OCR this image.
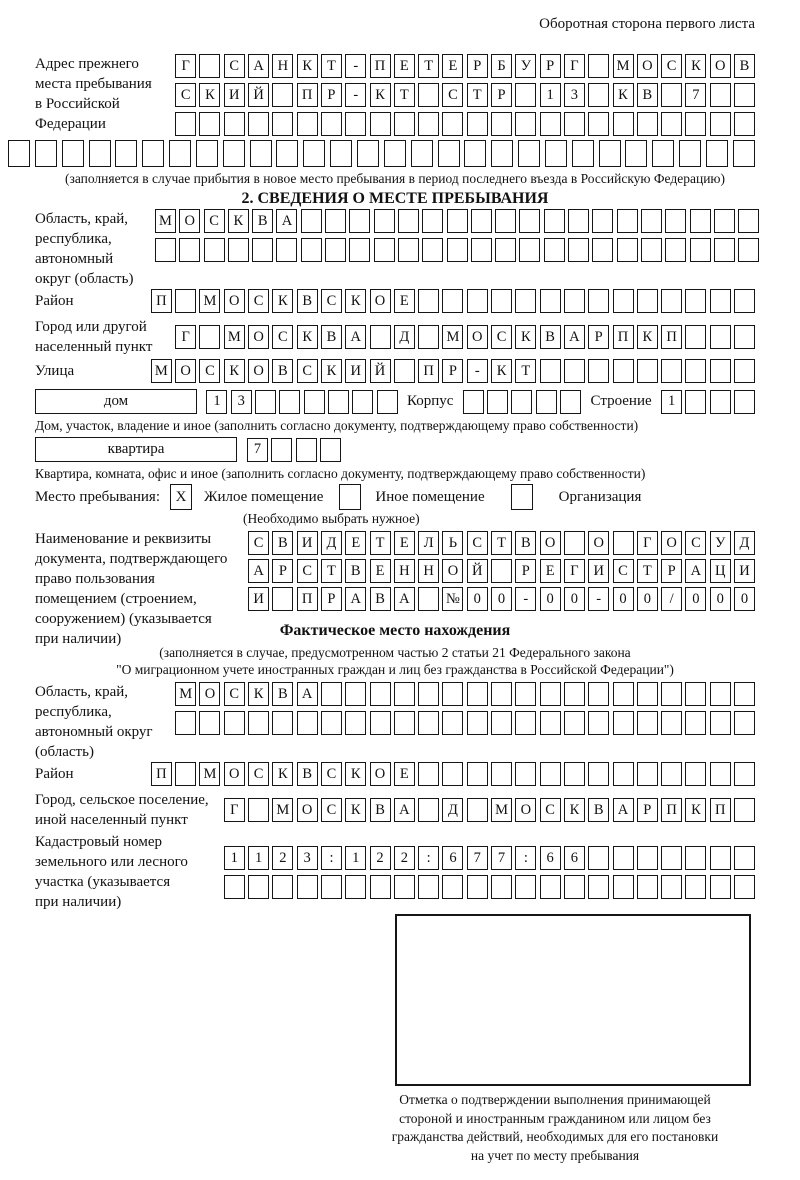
Оборотная сторона первого листа
Адрес прежнего
места пребывания
в Российской
Федерации
Г	С А Н К	Т	-	П	Е	Т	Е	Р	Б	У	Р	Г	М О С	К О В
С	К И Й	П	Р	-	К	Т	С	Т	Р	1	3	К	В	7
(заполняется в случае прибытия в новое место пребывания в период последнего въезда в Российскую Федерацию)
2. СВЕДЕНИЯ О МЕСТЕ ПРЕБЫВАНИЯ
Область, край,
республика,
автономный
округ (область)
М О С	К	В А
Район	П	М О С	К	В	С	К О	Е
Город или другой
населенный пункт
Г	М О С	К	В А	Д	М О С	К	В А	Р	П К П
Улица	М О С	К О В	С	К И Й	П	Р	-	К	Т
дом	1	3	Корпус	Строение	1
Дом, участок, владение и иное (заполнить согласно документу, подтверждающему право собственности)
квартира	7
Квартира, комната, офис и иное (заполнить согласно документу, подтверждающему право собственности)
Место пребывания:	X	Жилое помещение	Иное помещение	Организация
(Необходимо выбрать нужное)
Наименование и реквизиты
документа, подтверждающего
право пользования
помещением (строением,
сооружением) (указывается
при наличии)
С	В И Д	Е	Т	Е	Л	Ь	С	Т	В О	О	Г	О С У Д
А	Р	С	Т	В	Е	Н Н О Й	Р	Е	Г	И С	Т	Р	А Ц И
И	П	Р	А В А	№ 0	0	-	0	0	-	0	0	/	0	0	0
Фактическое место нахождения
(заполняется в случае, предусмотренном частью 2 статьи 21 Федерального закона
"О миграционном учете иностранных граждан и лиц без гражданства в Российской Федерации")
Область, край,
республика,
автономный округ
(область)
М О С	К	В А
Район	П	М О С	К	В	С	К О	Е
Город, сельское поселение,
иной населенный пункт
Г	М О С	К	В А	Д	М О С	К	В А	Р	П К П
Кадастровый номер
земельного или лесного
участка (указывается
при наличии)
1	1	2	3	:	1	2	2	:	6	7	7	:	6	6
Отметка о подтверждении выполнения принимающей
стороной и иностранным гражданином или лицом без
гражданства действий, необходимых для его постановки
на учет по месту пребывания
